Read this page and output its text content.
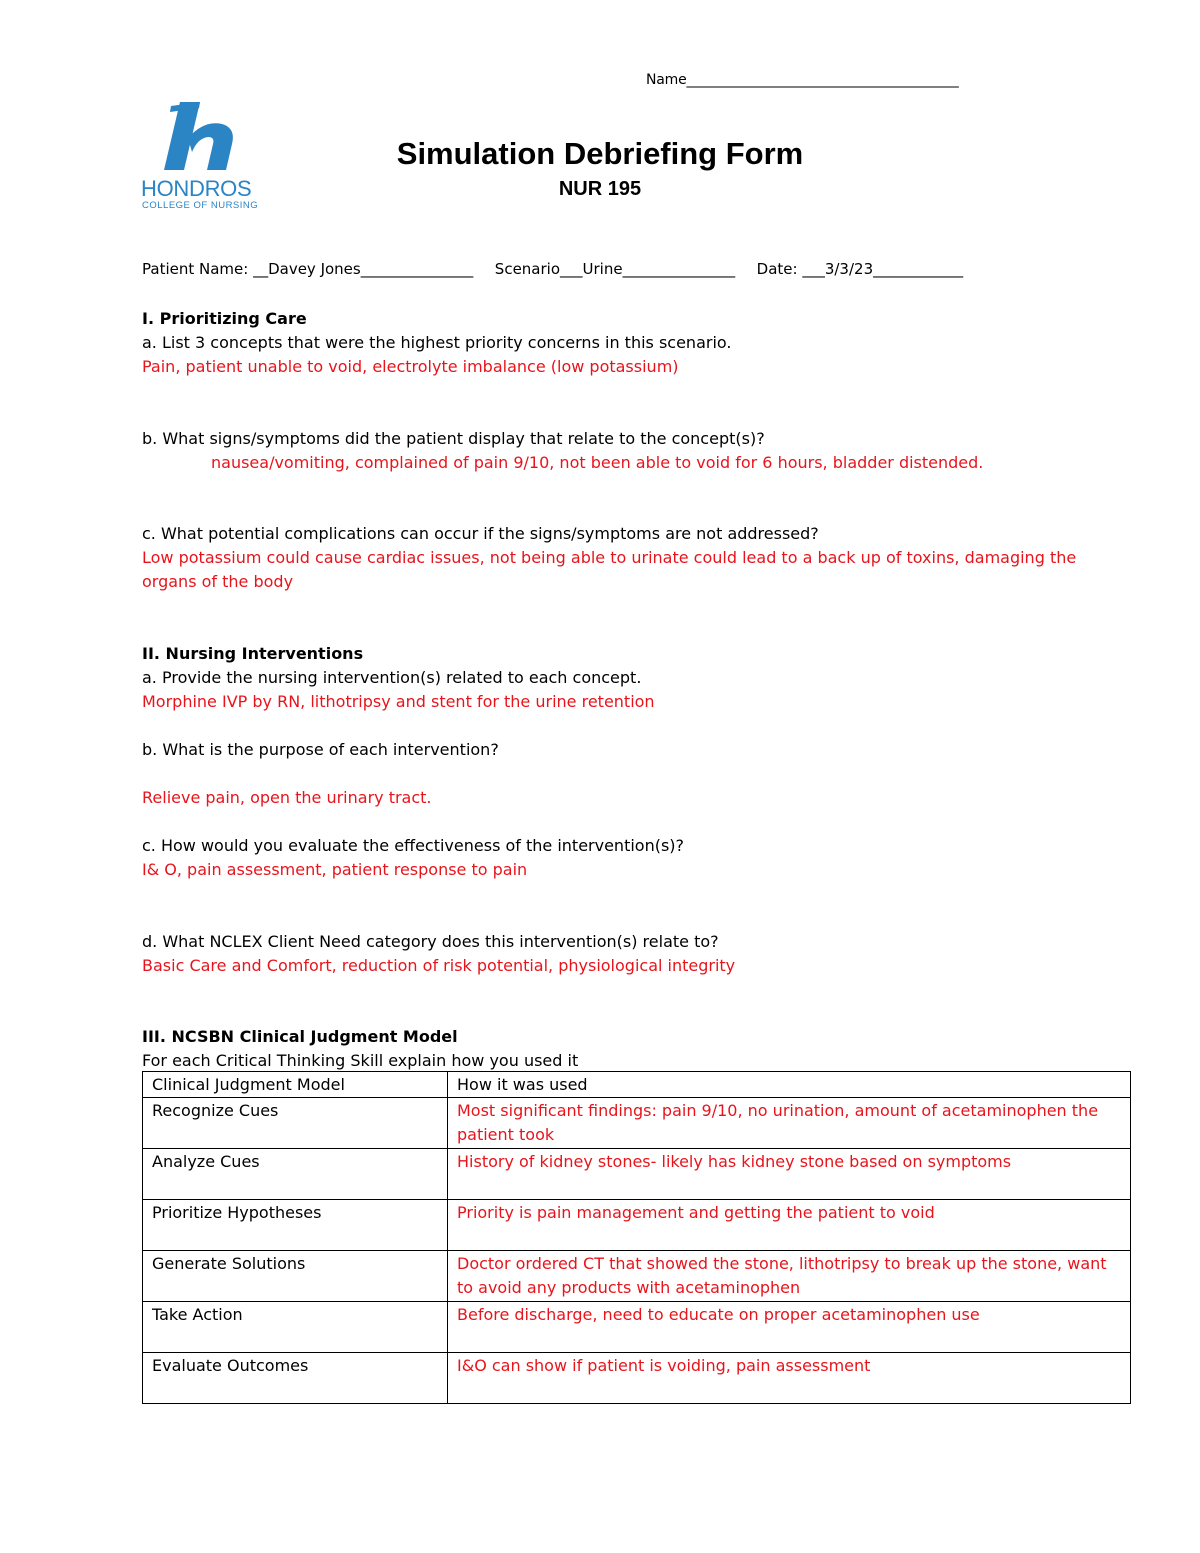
Name________________________________________
HONDROS
COLLEGE OF NURSING
Simulation Debriefing Form
NUR 195
Patient Name: __Davey Jones_______________ Scenario___Urine_______________ Date: ___3/3/23____________
I. Prioritizing Care
a. List 3 concepts that were the highest priority concerns in this scenario.
Pain, patient unable to void, electrolyte imbalance (low potassium)
b. What signs/symptoms did the patient display that relate to the concept(s)?
nausea/vomiting, complained of pain 9/10, not been able to void for 6 hours, bladder distended.
c. What potential complications can occur if the signs/symptoms are not addressed?
Low potassium could cause cardiac issues, not being able to urinate could lead to a back up of toxins, damaging the
organs of the body
II. Nursing Interventions
a. Provide the nursing intervention(s) related to each concept.
Morphine IVP by RN, lithotripsy and stent for the urine retention
b. What is the purpose of each intervention?
Relieve pain, open the urinary tract.
c. How would you evaluate the effectiveness of the intervention(s)?
I& O, pain assessment, patient response to pain
d. What NCLEX Client Need category does this intervention(s) relate to?
Basic Care and Comfort, reduction of risk potential, physiological integrity
III. NCSBN Clinical Judgment Model
For each Critical Thinking Skill explain how you used it
Clinical Judgment Model	How it was used
Recognize Cues	Most significant findings: pain 9/10, no urination, amount of acetaminophen the patient took
Analyze Cues	History of kidney stones- likely has kidney stone based on symptoms
Prioritize Hypotheses	Priority is pain management and getting the patient to void
Generate Solutions	Doctor ordered CT that showed the stone, lithotripsy to break up the stone, want to avoid any products with acetaminophen
Take Action	Before discharge, need to educate on proper acetaminophen use
Evaluate Outcomes	I&O can show if patient is voiding, pain assessment
